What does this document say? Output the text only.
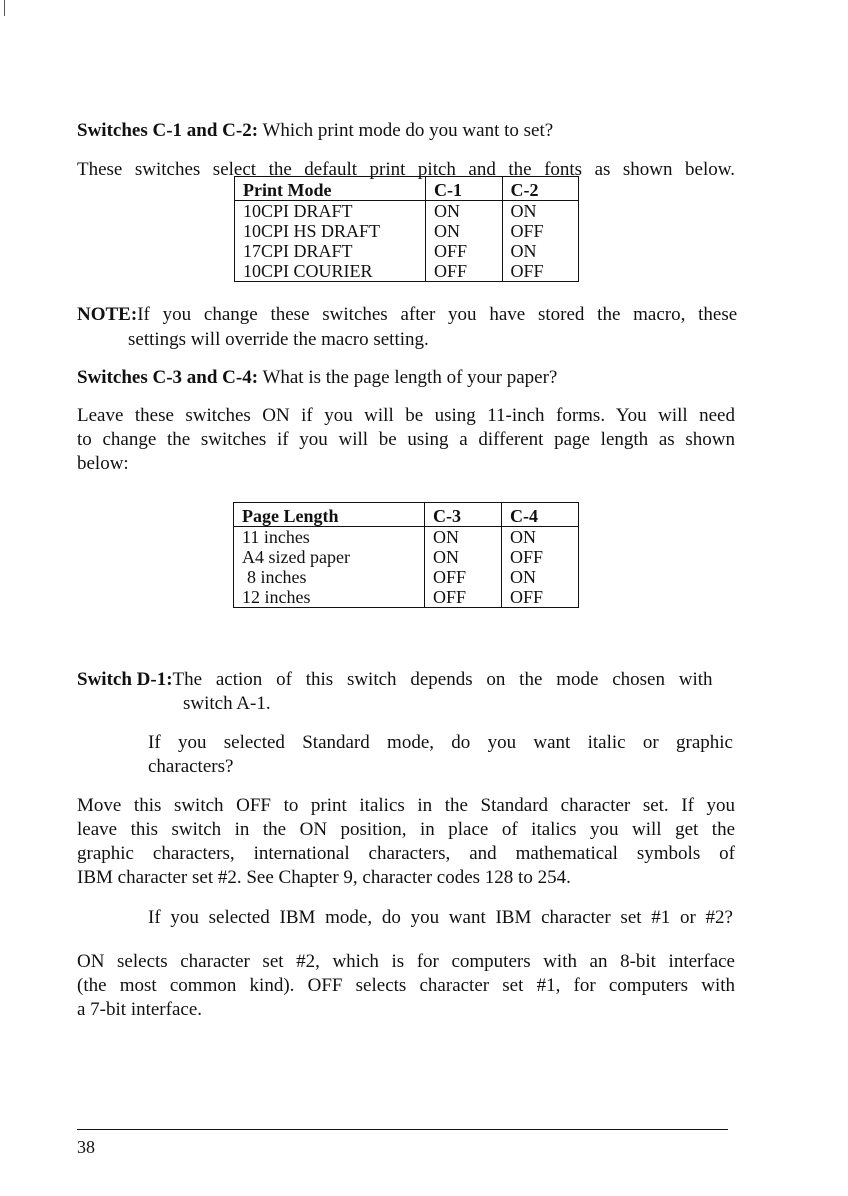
Switches C-1 and C-2: Which print mode do you want to set?
These switches select the default print pitch and the fonts as shown below.
Print Mode	C-1	C-2
10CPI DRAFT	ON	ON
10CPI HS DRAFT	ON	OFF
17CPI DRAFT	OFF	ON
10CPI COURIER	OFF	OFF
NOTE:If you change these switches after you have stored the macro, these
settings will override the macro setting.
Switches C-3 and C-4: What is the page length of your paper?
Leave these switches ON if you will be using 11-inch forms. You will need
to change the switches if you will be using a different page length as shown
below:
Page Length	C-3	C-4
11 inches	ON	ON
A4 sized paper	ON	OFF
8 inches	OFF	ON
12 inches	OFF	OFF
Switch D-1:The action of this switch depends on the mode chosen with
switch A-1.
If you selected Standard mode, do you want italic or graphic
characters?
Move this switch OFF to print italics in the Standard character set. If you
leave this switch in the ON position, in place of italics you will get the
graphic characters, international characters, and mathematical symbols of
IBM character set #2. See Chapter 9, character codes 128 to 254.
If you selected IBM mode, do you want IBM character set #1 or #2?
ON selects character set #2, which is for computers with an 8-bit interface
(the most common kind). OFF selects character set #1, for computers with
a 7-bit interface.
38
